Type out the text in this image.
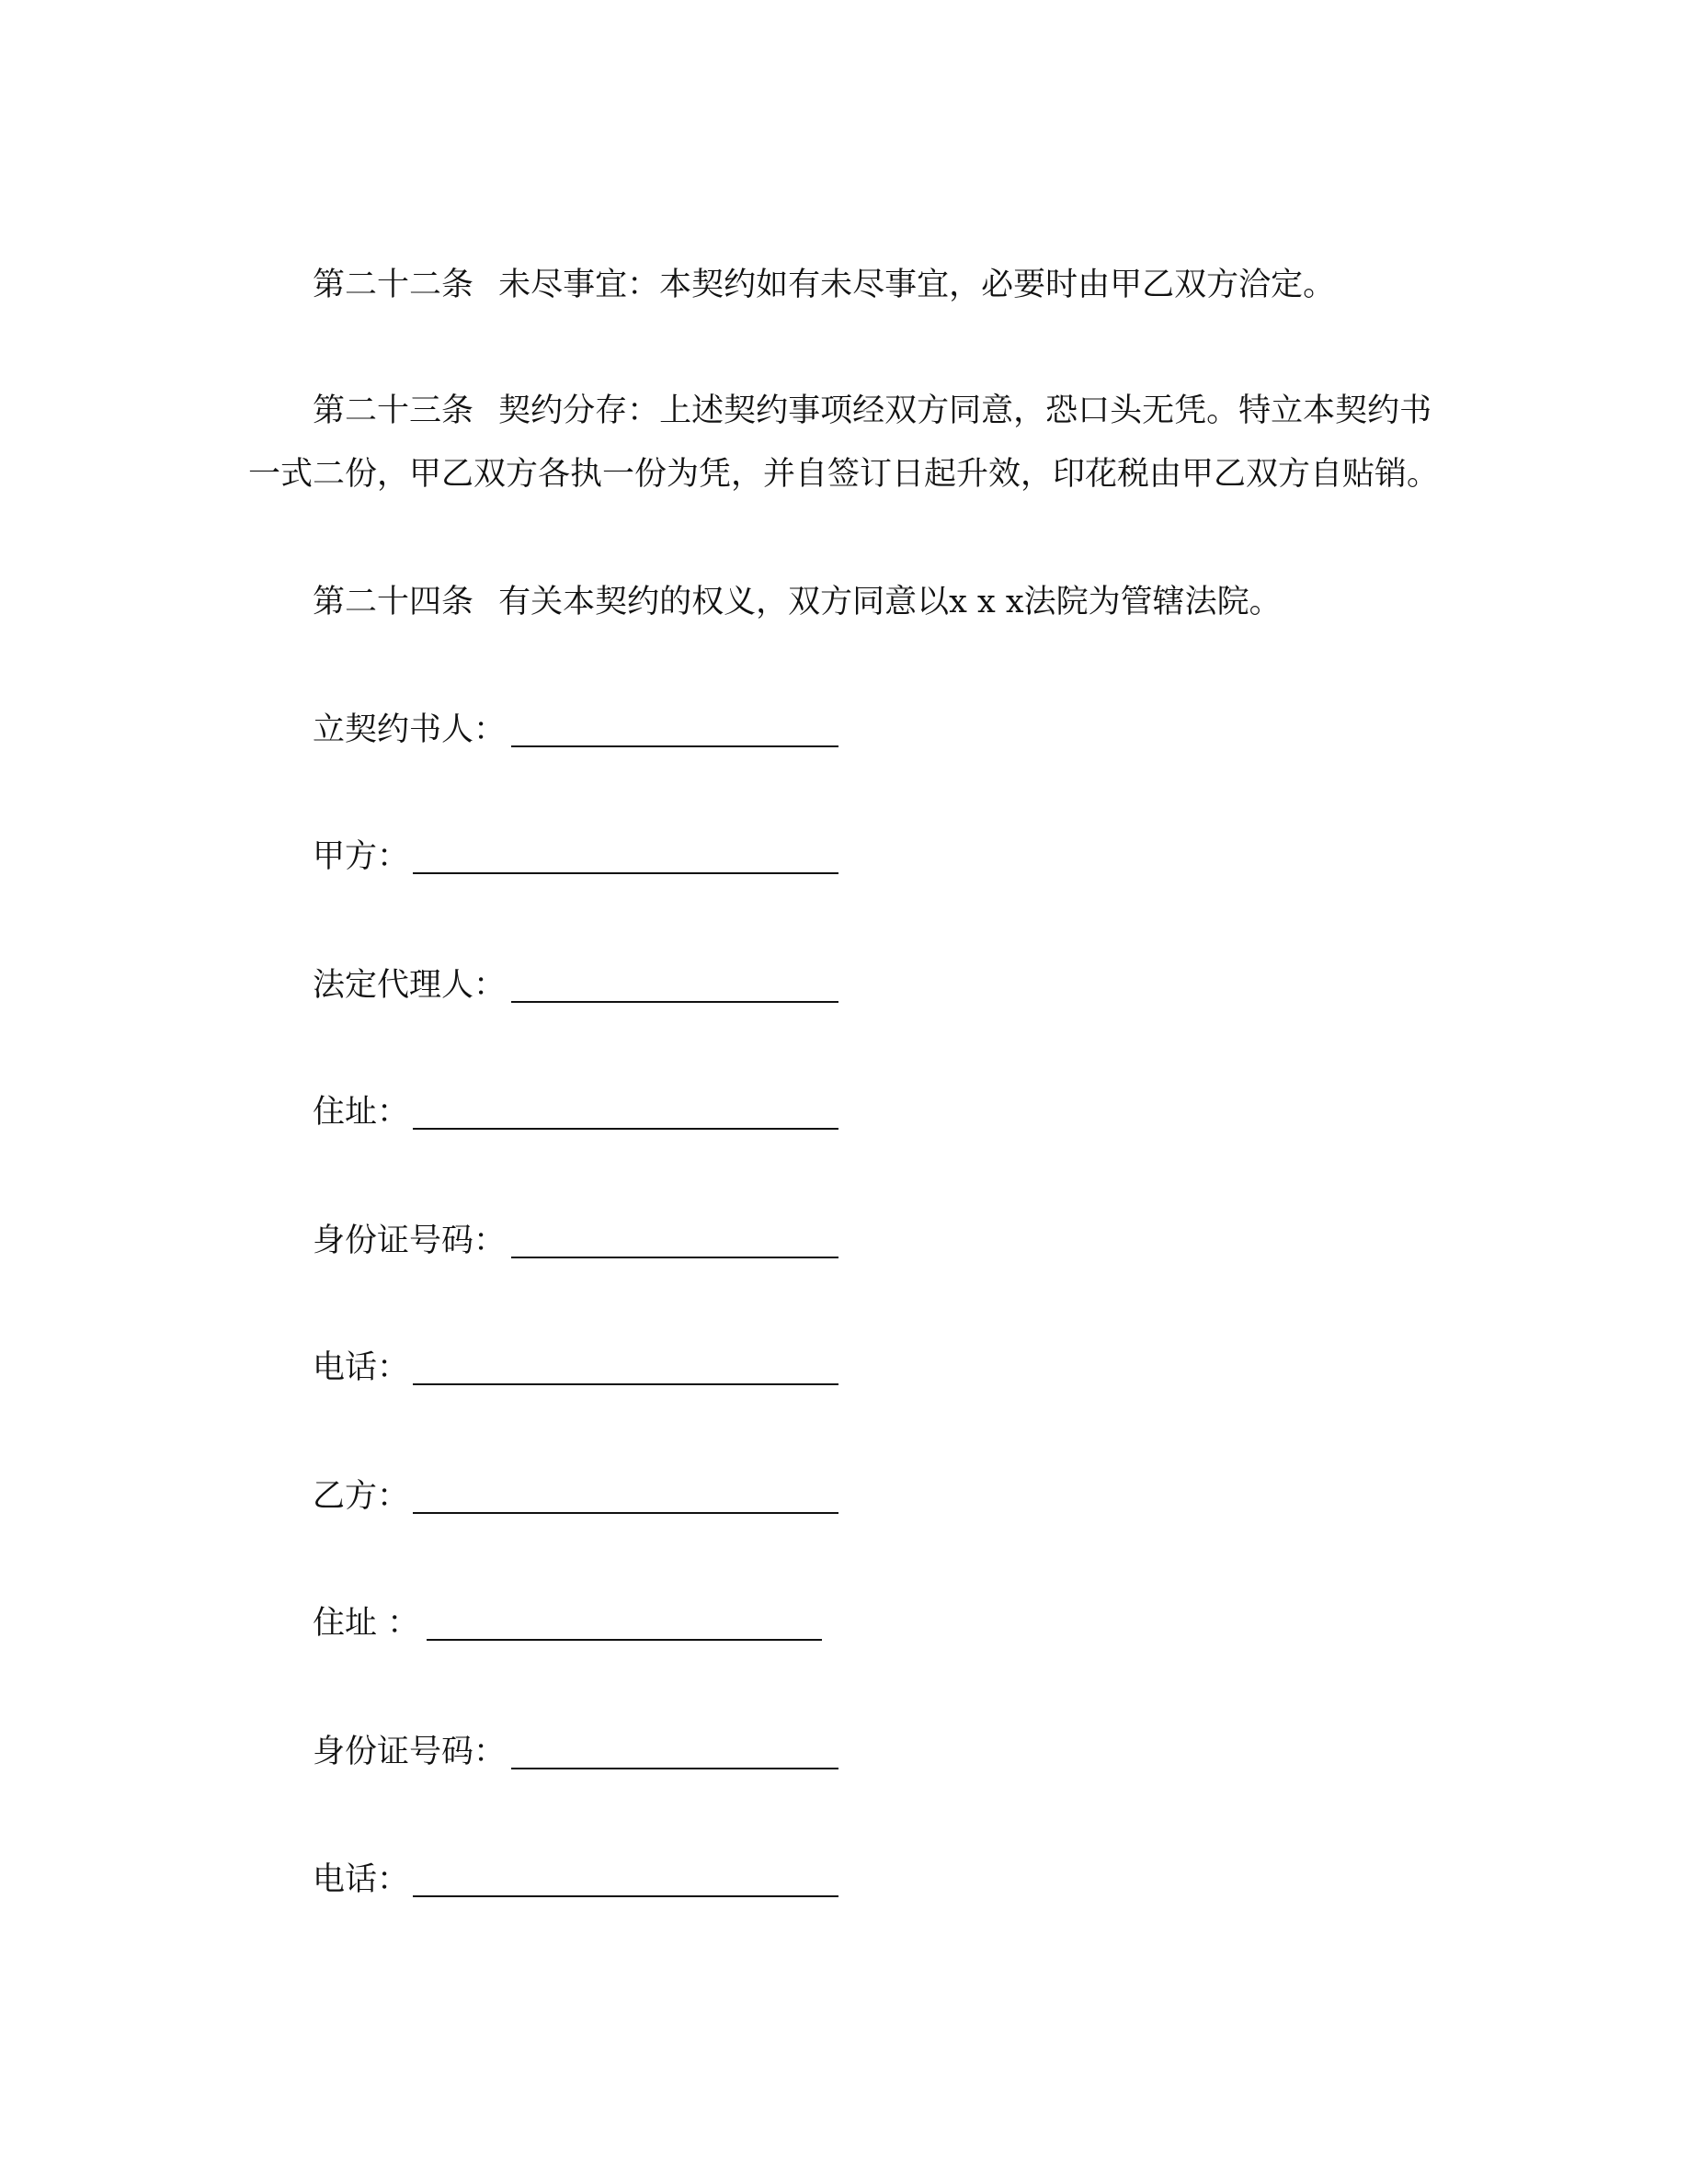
第二十二条 未尽事宜：本契约如有未尽事宜，必要时由甲乙双方洽定。
第二十三条 契约分存：上述契约事项经双方同意，恐口头无凭。特立本契约书
一式二份，甲乙双方各执一份为凭，并自签订日起升效，印花税由甲乙双方自贴销。
第二十四条 有关本契约的权义，双方同意以x x x法院为管辖法院。
立契约书人：
甲方：
法定代理人：
住址：
身份证号码：
电话：
乙方：
住址 ：
身份证号码：
电话：
